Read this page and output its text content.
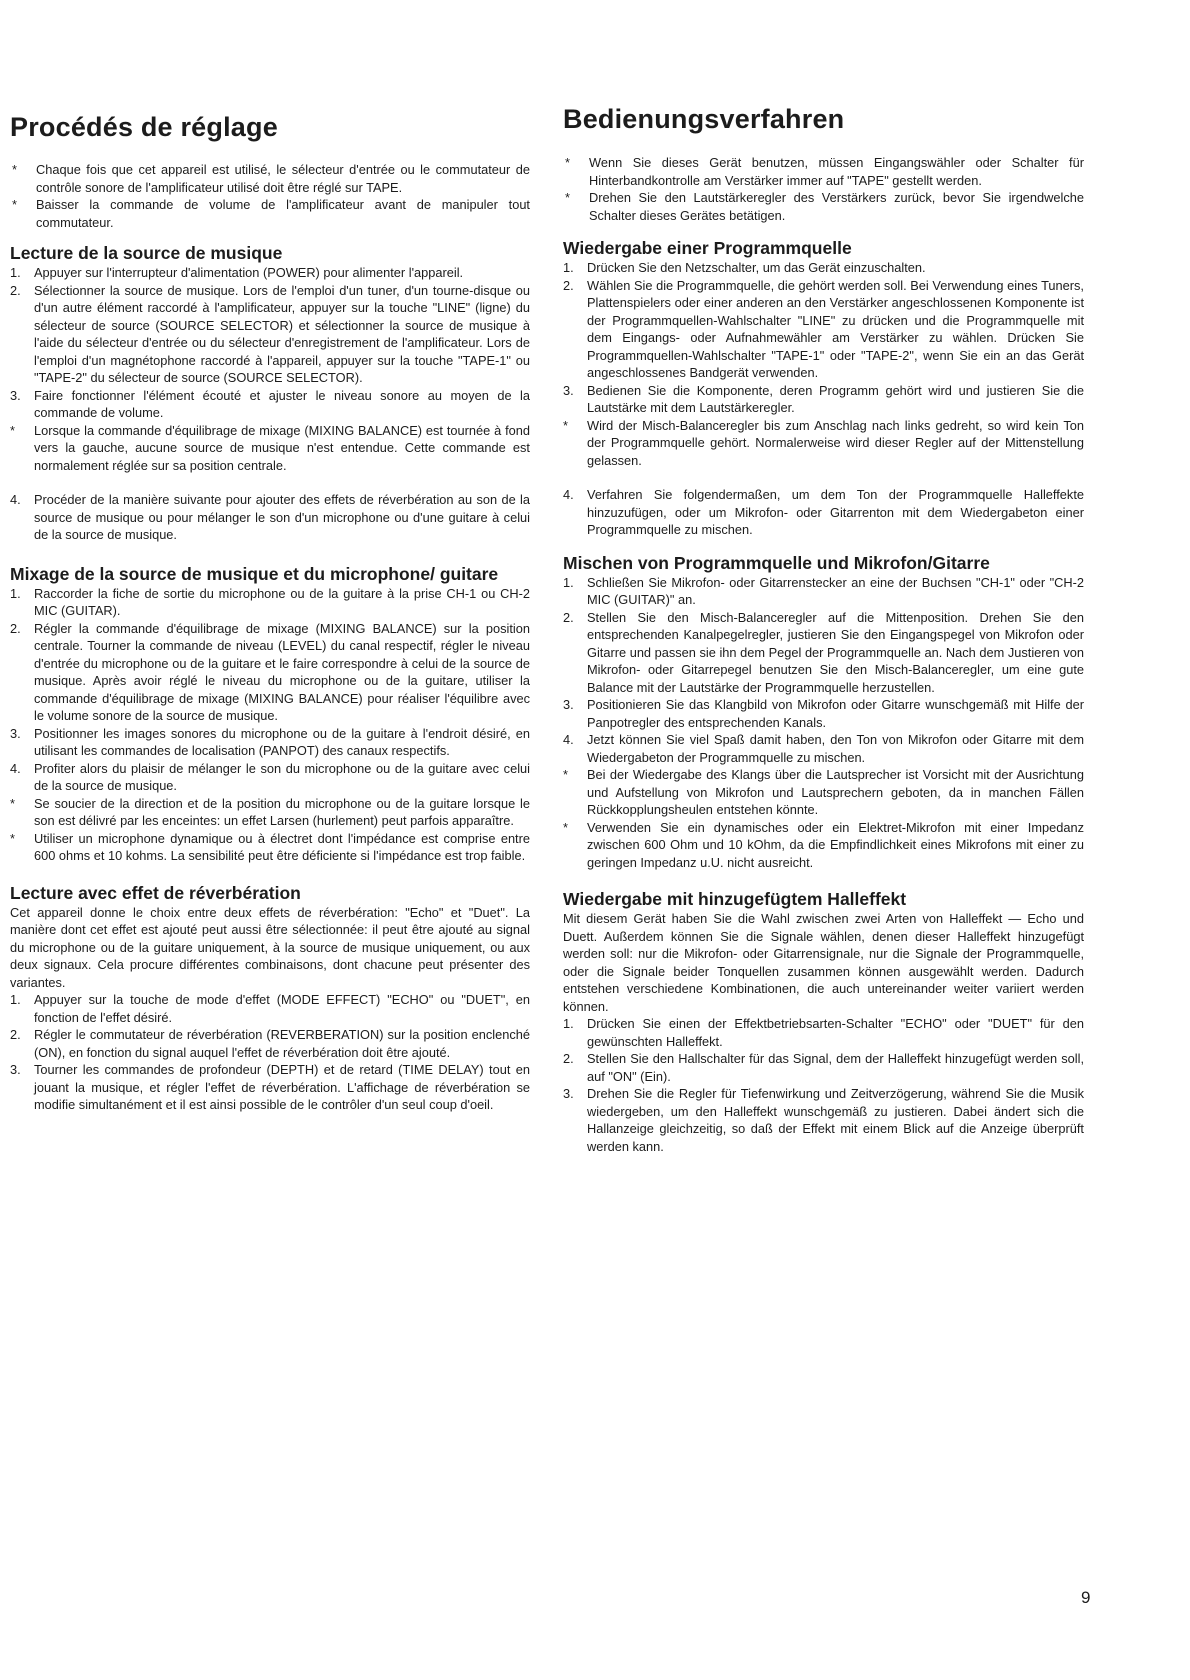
Procédés de réglage
* Chaque fois que cet appareil est utilisé, le sélecteur d'entrée ou le commutateur de contrôle sonore de l'amplificateur utilisé doit être réglé sur TAPE.
* Baisser la commande de volume de l'amplificateur avant de manipuler tout commutateur.
Lecture de la source de musique
1. Appuyer sur l'interrupteur d'alimentation (POWER) pour alimenter l'appareil.
2. Sélectionner la source de musique. Lors de l'emploi d'un tuner, d'un tourne-disque ou d'un autre élément raccordé à l'amplificateur, appuyer sur la touche "LINE" (ligne) du sélecteur de source (SOURCE SELECTOR) et sélectionner la source de musique à l'aide du sélecteur d'entrée ou du sélecteur d'enregistrement de l'amplificateur. Lors de l'emploi d'un magnétophone raccordé à l'appareil, appuyer sur la touche "TAPE-1" ou "TAPE-2" du sélecteur de source (SOURCE SELECTOR).
3. Faire fonctionner l'élément écouté et ajuster le niveau sonore au moyen de la commande de volume.
* Lorsque la commande d'équilibrage de mixage (MIXING BALANCE) est tournée à fond vers la gauche, aucune source de musique n'est entendue. Cette commande est normalement réglée sur sa position centrale.
4. Procéder de la manière suivante pour ajouter des effets de réverbération au son de la source de musique ou pour mélanger le son d'un microphone ou d'une guitare à celui de la source de musique.
Mixage de la source de musique et du microphone/ guitare
1. Raccorder la fiche de sortie du microphone ou de la guitare à la prise CH-1 ou CH-2 MIC (GUITAR).
2. Régler la commande d'équilibrage de mixage (MIXING BALANCE) sur la position centrale. Tourner la commande de niveau (LEVEL) du canal respectif, régler le niveau d'entrée du microphone ou de la guitare et le faire correspondre à celui de la source de musique. Après avoir réglé le niveau du microphone ou de la guitare, utiliser la commande d'équilibrage de mixage (MIXING BALANCE) pour réaliser l'équilibre avec le volume sonore de la source de musique.
3. Positionner les images sonores du microphone ou de la guitare à l'endroit désiré, en utilisant les commandes de localisation (PANPOT) des canaux respectifs.
4. Profiter alors du plaisir de mélanger le son du microphone ou de la guitare avec celui de la source de musique.
* Se soucier de la direction et de la position du microphone ou de la guitare lorsque le son est délivré par les enceintes: un effet Larsen (hurlement) peut parfois apparaître.
* Utiliser un microphone dynamique ou à électret dont l'impédance est comprise entre 600 ohms et 10 kohms. La sensibilité peut être déficiente si l'impédance est trop faible.
Lecture avec effet de réverbération

Cet appareil donne le choix entre deux effets de réverbération: "Echo" et "Duet". La manière dont cet effet est ajouté peut aussi être sélectionnée: il peut être ajouté au signal du microphone ou de la guitare uniquement, à la source de musique uniquement, ou aux deux signaux. Cela procure différentes combinaisons, dont chacune peut présenter des variantes.

1. Appuyer sur la touche de mode d'effet (MODE EFFECT) "ECHO" ou "DUET", en fonction de l'effet désiré.
2. Régler le commutateur de réverbération (REVERBERATION) sur la position enclenché (ON), en fonction du signal auquel l'effet de réverbération doit être ajouté.
3. Tourner les commandes de profondeur (DEPTH) et de retard (TIME DELAY) tout en jouant la musique, et régler l'effet de réverbération. L'affichage de réverbération se modifie simultanément et il est ainsi possible de le contrôler d'un seul coup d'oeil.
Bedienungsverfahren
* Wenn Sie dieses Gerät benutzen, müssen Eingangswähler oder Schalter für Hinterbandkontrolle am Verstärker immer auf "TAPE" gestellt werden.
* Drehen Sie den Lautstärkeregler des Verstärkers zurück, bevor Sie irgendwelche Schalter dieses Gerätes betätigen.
Wiedergabe einer Programmquelle
1. Drücken Sie den Netzschalter, um das Gerät einzuschalten.
2. Wählen Sie die Programmquelle, die gehört werden soll. Bei Verwendung eines Tuners, Plattenspielers oder einer anderen an den Verstärker angeschlossenen Komponente ist der Programmquellen-Wahlschalter "LINE" zu drücken und die Programmquelle mit dem Eingangs- oder Aufnahmewähler am Verstärker zu wählen. Drücken Sie Programmquellen-Wahlschalter "TAPE-1" oder "TAPE-2", wenn Sie ein an das Gerät angeschlossenes Bandgerät verwenden.
3. Bedienen Sie die Komponente, deren Programm gehört wird und justieren Sie die Lautstärke mit dem Lautstärkeregler.
* Wird der Misch-Balanceregler bis zum Anschlag nach links gedreht, so wird kein Ton der Programmquelle gehört. Normalerweise wird dieser Regler auf der Mittenstellung gelassen.
4. Verfahren Sie folgendermaßen, um dem Ton der Programmquelle Halleffekte hinzuzufügen, oder um Mikrofon- oder Gitarrenton mit dem Wiedergabeton einer Programmquelle zu mischen.
Mischen von Programmquelle und Mikrofon/Gitarre
1. Schließen Sie Mikrofon- oder Gitarrenstecker an eine der Buchsen "CH-1" oder "CH-2 MIC (GUITAR)" an.
2. Stellen Sie den Misch-Balanceregler auf die Mittenposition. Drehen Sie den entsprechenden Kanalpegelregler, justieren Sie den Eingangspegel von Mikrofon oder Gitarre und passen sie ihn dem Pegel der Programmquelle an. Nach dem Justieren von Mikrofon- oder Gitarrepegel benutzen Sie den Misch-Balanceregler, um eine gute Balance mit der Lautstärke der Programmquelle herzustellen.
3. Positionieren Sie das Klangbild von Mikrofon oder Gitarre wunschgemäß mit Hilfe der Panpotregler des entsprechenden Kanals.
4. Jetzt können Sie viel Spaß damit haben, den Ton von Mikrofon oder Gitarre mit dem Wiedergabeton der Programmquelle zu mischen.
* Bei der Wiedergabe des Klangs über die Lautsprecher ist Vorsicht mit der Ausrichtung und Aufstellung von Mikrofon und Lautsprechern geboten, da in manchen Fällen Rückkopplungsheulen entstehen könnte.
* Verwenden Sie ein dynamisches oder ein Elektret-Mikrofon mit einer Impedanz zwischen 600 Ohm und 10 kOhm, da die Empfindlichkeit eines Mikrofons mit einer zu geringen Impedanz u.U. nicht ausreicht.
Wiedergabe mit hinzugefügtem Halleffekt

Mit diesem Gerät haben Sie die Wahl zwischen zwei Arten von Halleffekt — Echo und Duett. Außerdem können Sie die Signale wählen, denen dieser Halleffekt hinzugefügt werden soll: nur die Mikrofon- oder Gitarrensignale, nur die Signale der Programmquelle, oder die Signale beider Tonquellen zusammen können ausgewählt werden. Dadurch entstehen verschiedene Kombinationen, die auch untereinander weiter variiert werden können.

1. Drücken Sie einen der Effektbetriebsarten-Schalter "ECHO" oder "DUET" für den gewünschten Halleffekt.
2. Stellen Sie den Hallschalter für das Signal, dem der Halleffekt hinzugefügt werden soll, auf "ON" (Ein).
3. Drehen Sie die Regler für Tiefenwirkung und Zeitverzögerung, während Sie die Musik wiedergeben, um den Halleffekt wunschgemäß zu justieren. Dabei ändert sich die Hallanzeige gleichzeitig, so daß der Effekt mit einem Blick auf die Anzeige überprüft werden kann.
9
